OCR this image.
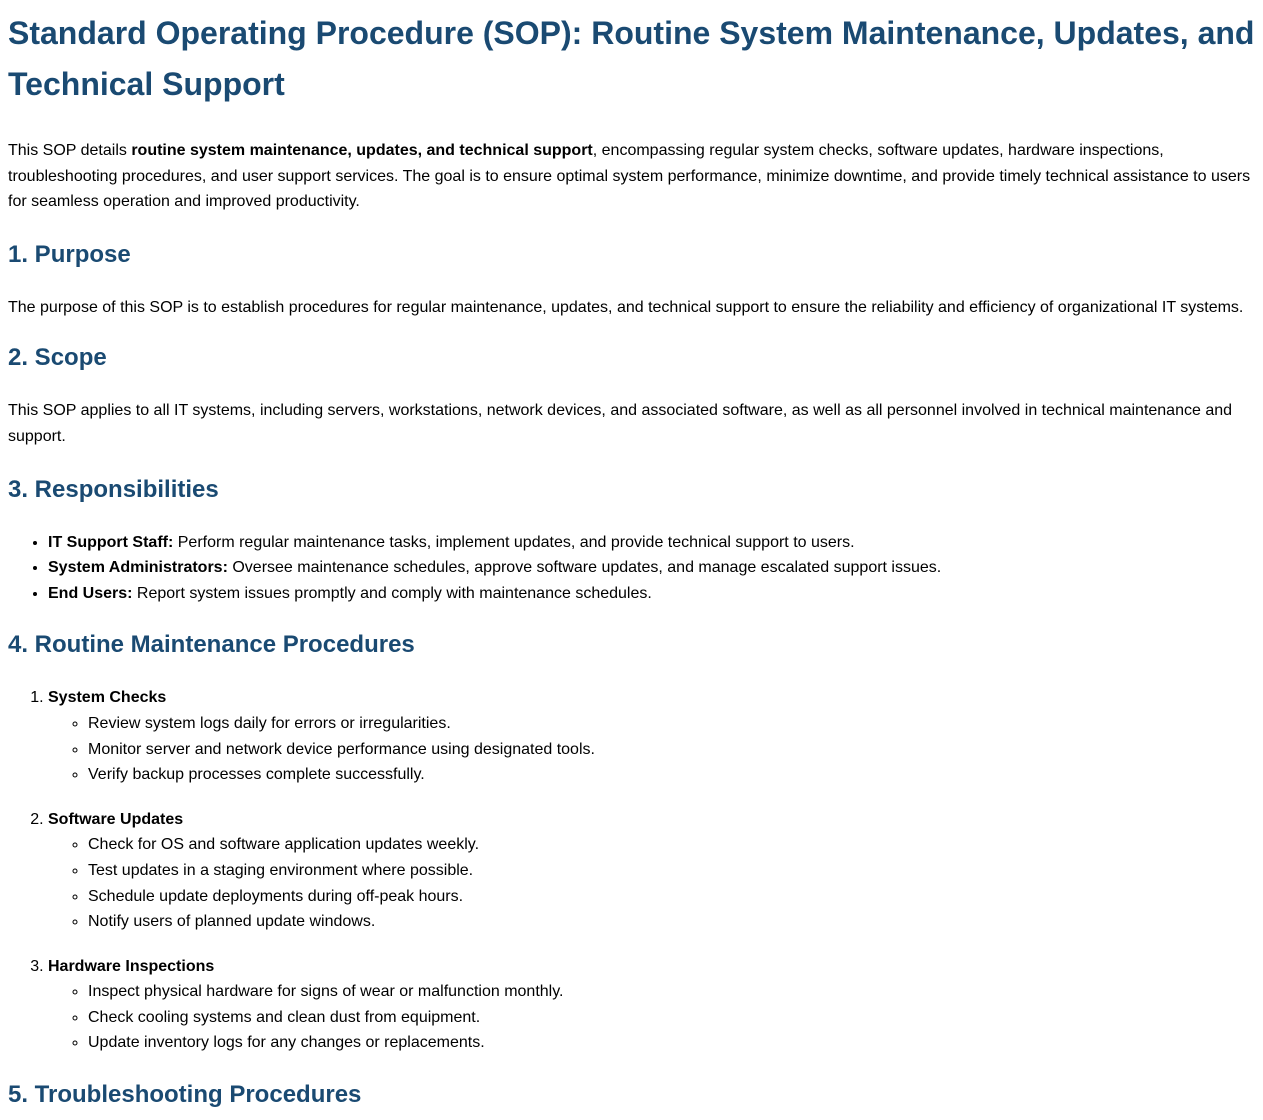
Standard Operating Procedure (SOP): Routine System Maintenance, Updates, and Technical Support

This SOP details routine system maintenance, updates, and technical support, encompassing regular system checks, software updates, hardware inspections, troubleshooting procedures, and user support services. The goal is to ensure optimal system performance, minimize downtime, and provide timely technical assistance to users for seamless operation and improved productivity.

1. Purpose

The purpose of this SOP is to establish procedures for regular maintenance, updates, and technical support to ensure the reliability and efficiency of organizational IT systems.

2. Scope

This SOP applies to all IT systems, including servers, workstations, network devices, and associated software, as well as all personnel involved in technical maintenance and support.

3. Responsibilities
• IT Support Staff: Perform regular maintenance tasks, implement updates, and provide technical support to users.
• System Administrators: Oversee maintenance schedules, approve software updates, and manage escalated support issues.
• End Users: Report system issues promptly and comply with maintenance schedules.
4. Routine Maintenance Procedures
1. System Checks
◦ Review system logs daily for errors or irregularities.
◦ Monitor server and network device performance using designated tools.
◦ Verify backup processes complete successfully.
2. Software Updates
◦ Check for OS and software application updates weekly.
◦ Test updates in a staging environment where possible.
◦ Schedule update deployments during off-peak hours.
◦ Notify users of planned update windows.
3. Hardware Inspections
◦ Inspect physical hardware for signs of wear or malfunction monthly.
◦ Check cooling systems and clean dust from equipment.
◦ Update inventory logs for any changes or replacements.
5. Troubleshooting Procedures
